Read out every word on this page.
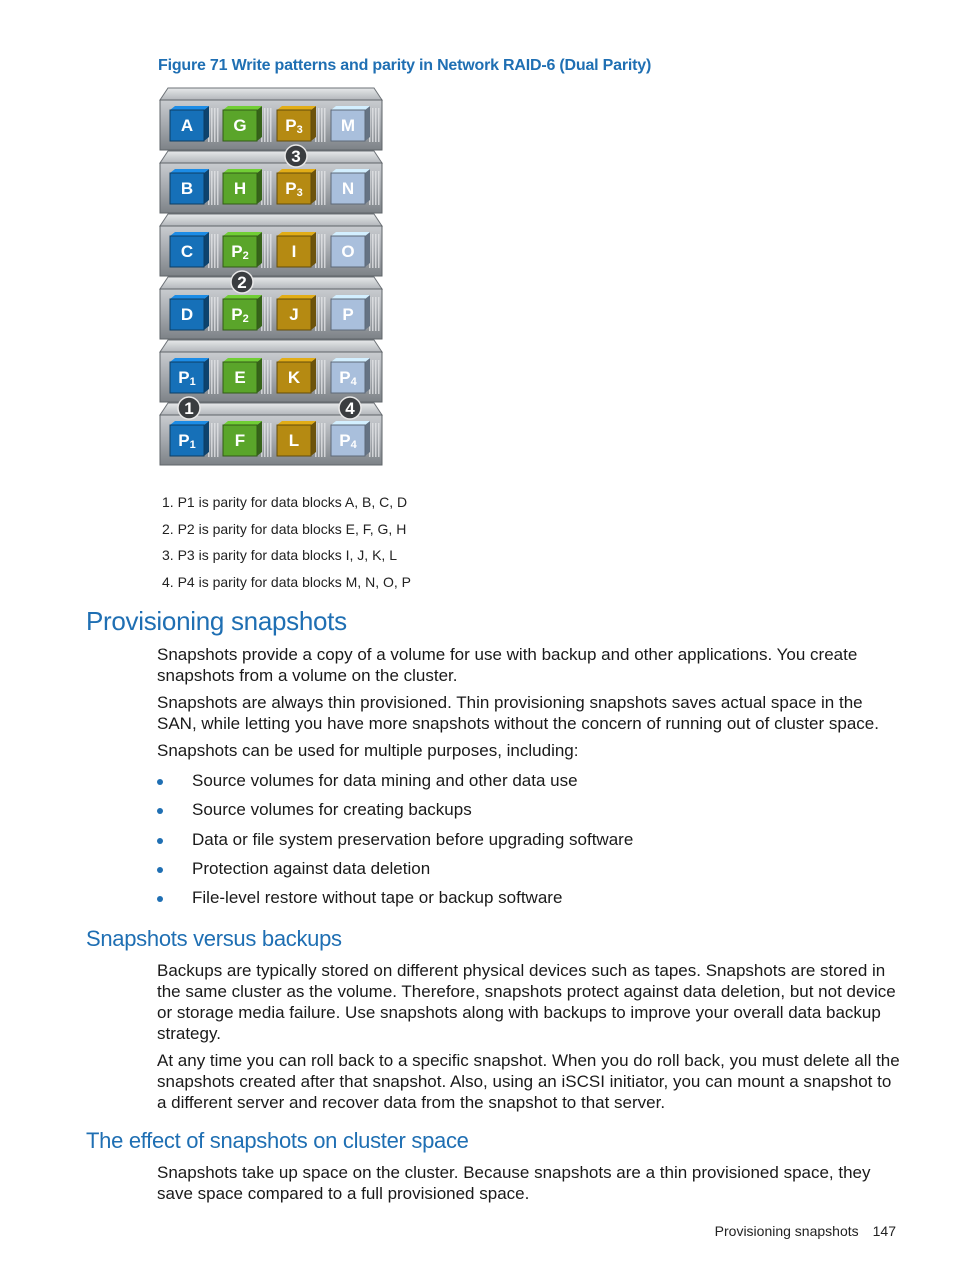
Figure 71 Write patterns and parity in Network RAID-6 (Dual Parity)
A G P3 M
B H P3 N
C P2	I	O
D P2 J	P
P1 E K P4
P1 F	L P4
3
2
1	4
1. P1 is parity for data blocks A, B, C, D
2. P2 is parity for data blocks E, F, G, H
3. P3 is parity for data blocks I, J, K, L
4. P4 is parity for data blocks M, N, O, P
Provisioning snapshots

Snapshots provide a copy of a volume for use with backup and other applications. You create snapshots from a volume on the cluster.

Snapshots are always thin provisioned. Thin provisioning snapshots saves actual space in the SAN, while letting you have more snapshots without the concern of running out of cluster space.

Snapshots can be used for multiple purposes, including:

Source volumes for data mining and other data use
Source volumes for creating backups
Data or file system preservation before upgrading software
Protection against data deletion
File-level restore without tape or backup software
Snapshots versus backups

Backups are typically stored on different physical devices such as tapes. Snapshots are stored in the same cluster as the volume. Therefore, snapshots protect against data deletion, but not device or storage media failure. Use snapshots along with backups to improve your overall data backup strategy.

At any time you can roll back to a specific snapshot. When you do roll back, you must delete all the snapshots created after that snapshot. Also, using an iSCSI initiator, you can mount a snapshot to a different server and recover data from the snapshot to that server.

The effect of snapshots on cluster space

Snapshots take up space on the cluster. Because snapshots are a thin provisioned space, they save space compared to a full provisioned space.

Provisioning snapshots 147
